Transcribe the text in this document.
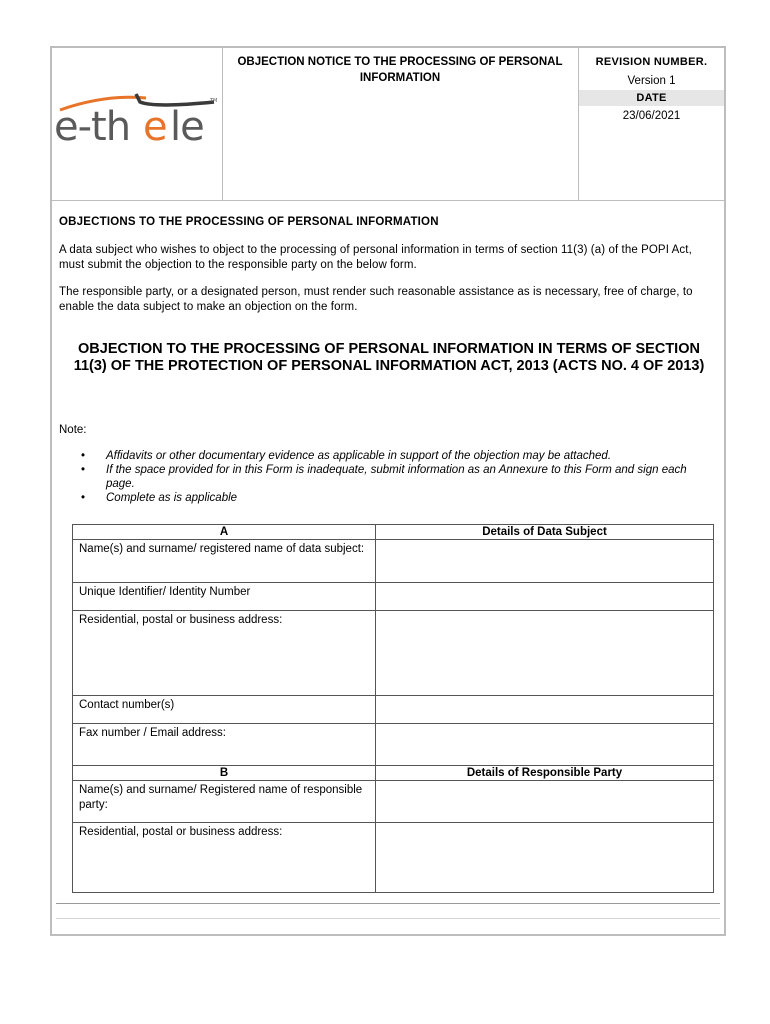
e-th e le
TM
OBJECTION NOTICE TO THE PROCESSING OF PERSONAL INFORMATION
REVISION NUMBER.
Version 1
DATE
23/06/2021
OBJECTIONS TO THE PROCESSING OF PERSONAL INFORMATION
A data subject who wishes to object to the processing of personal information in terms of section 11(3) (a) of the POPI Act, must submit the objection to the responsible party on the below form.
The responsible party, or a designated person, must render such reasonable assistance as is necessary, free of charge, to enable the data subject to make an objection on the form.
OBJECTION TO THE PROCESSING OF PERSONAL INFORMATION IN TERMS OF SECTION 11(3) OF THE PROTECTION OF PERSONAL INFORMATION ACT, 2013 (ACTS NO. 4 OF 2013)
Note:
• Affidavits or other documentary evidence as applicable in support of the objection may be attached.
• If the space provided for in this Form is inadequate, submit information as an Annexure to this Form and sign each page.
• Complete as is applicable
A	Details of Data Subject
Name(s) and surname/ registered name of data subject:	
Unique Identifier/ Identity Number	
Residential, postal or business address:	
Contact number(s)	
Fax number / Email address:	
B	Details of Responsible Party
Name(s) and surname/ Registered name of responsible party:	
Residential, postal or business address:	
